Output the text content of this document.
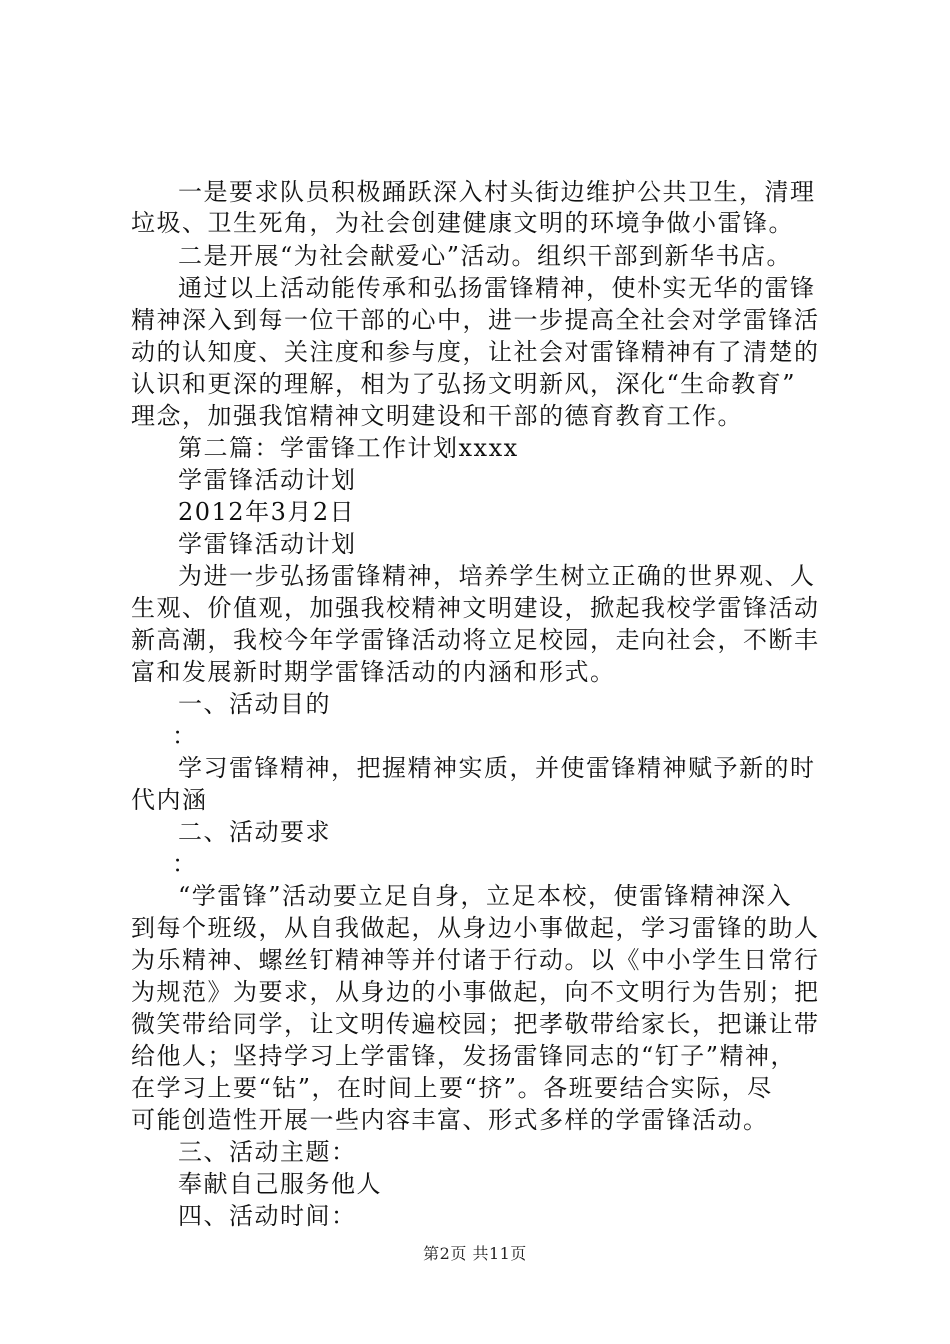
一是要求队员积极踊跃深入村头街边维护公共卫生，清理
垃圾、卫生死角，为社会创建健康文明的环境争做小雷锋。
二是开展“为社会献爱心”活动。组织干部到新华书店。
通过以上活动能传承和弘扬雷锋精神，使朴实无华的雷锋
精神深入到每一位干部的心中，进一步提高全社会对学雷锋活
动的认知度、关注度和参与度，让社会对雷锋精神有了清楚的
认识和更深的理解，相为了弘扬文明新风，深化“生命教育”
理念，加强我馆精神文明建设和干部的德育教育工作。
第二篇：学雷锋工作计划xxxx
学雷锋活动计划
2012年3月2日
学雷锋活动计划
为进一步弘扬雷锋精神，培养学生树立正确的世界观、人
生观、价值观，加强我校精神文明建设，掀起我校学雷锋活动
新高潮，我校今年学雷锋活动将立足校园，走向社会，不断丰
富和发展新时期学雷锋活动的内涵和形式。
一、活动目的
：
学习雷锋精神，把握精神实质，并使雷锋精神赋予新的时
代内涵
二、活动要求
：
“学雷锋”活动要立足自身，立足本校，使雷锋精神深入
到每个班级，从自我做起，从身边小事做起，学习雷锋的助人
为乐精神、螺丝钉精神等并付诸于行动。以《中小学生日常行
为规范》为要求，从身边的小事做起，向不文明行为告别；把
微笑带给同学，让文明传遍校园；把孝敬带给家长，把谦让带
给他人；坚持学习上学雷锋，发扬雷锋同志的“钉子”精神，
在学习上要“钻”，在时间上要“挤”。各班要结合实际，尽
可能创造性开展一些内容丰富、形式多样的学雷锋活动。
三、活动主题：
奉献自己服务他人
四、活动时间：
第2页 共11页
